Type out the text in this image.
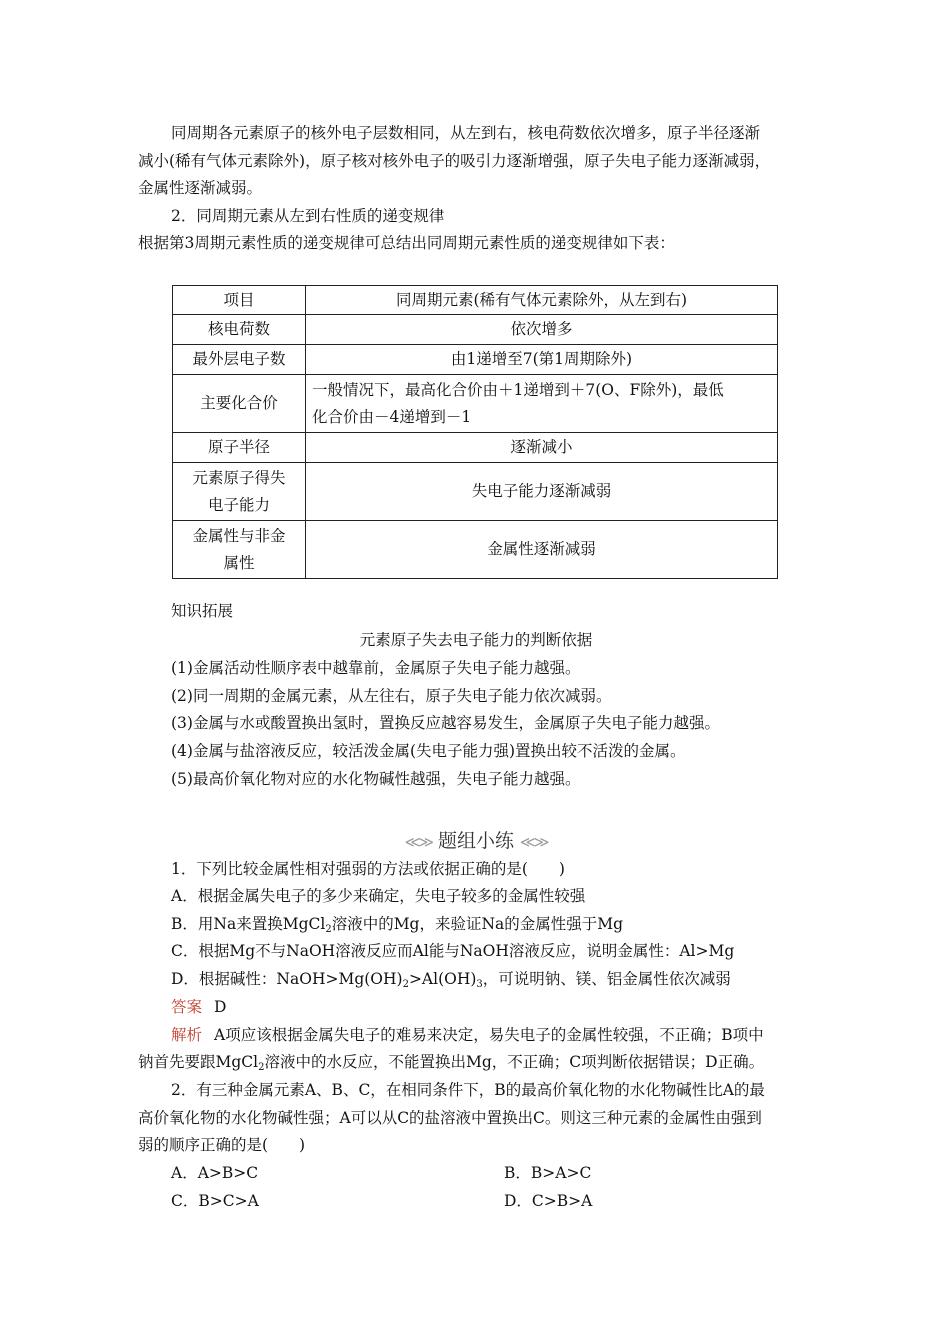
同周期各元素原子的核外电子层数相同，从左到右，核电荷数依次增多，原子半径逐渐
减小(稀有气体元素除外)，原子核对核外电子的吸引力逐渐增强，原子失电子能力逐渐减弱，
金属性逐渐减弱。
2．同周期元素从左到右性质的递变规律
根据第3周期元素性质的递变规律可总结出同周期元素性质的递变规律如下表：
项目	同周期元素(稀有气体元素除外，从左到右)
核电荷数	依次增多
最外层电子数	由1递增至7(第1周期除外)
主要化合价	一般情况下，最高化合价由＋1递增到＋7(O、F除外)，最低
化合价由－4递增到－1

原子半径	逐渐减小

元素原子得失
电子能力	失电子能力逐渐减弱

金属性与非金
属性	金属性逐渐减弱
知识拓展
元素原子失去电子能力的判断依据
(1)金属活动性顺序表中越靠前，金属原子失电子能力越强。
(2)同一周期的金属元素，从左往右，原子失电子能力依次减弱。
(3)金属与水或酸置换出氢时，置换反应越容易发生，金属原子失电子能力越强。
(4)金属与盐溶液反应，较活泼金属(失电子能力强)置换出较不活泼的金属。
(5)最高价氧化物对应的水化物碱性越强，失电子能力越强。
≪≫ 题组小练 ≪≫
1．下列比较金属性相对强弱的方法或依据正确的是(　　)
A．根据金属失电子的多少来确定，失电子较多的金属性较强
B．用Na来置换MgCl$_2$溶液中的Mg，来验证Na的金属性强于Mg
C．根据Mg不与NaOH溶液反应而Al能与NaOH溶液反应，说明金属性：Al>Mg
D．根据碱性：$NaOH>Mg(OH)_2>Al(OH)_3$，可说明钠、镁、铝金属性依次减弱
答案 D
解析 A项应该根据金属失电子的难易来决定，易失电子的金属性较强，不正确；B项中
钠首先要跟MgCl$_2$溶液中的水反应，不能置换出Mg，不正确；C项判断依据错误；D正确。
2．有三种金属元素A、B、C，在相同条件下，B的最高价氧化物的水化物碱性比A的最
高价氧化物的水化物碱性强；A可以从C的盐溶液中置换出C。则这三种元素的金属性由强到
弱的顺序正确的是(　　)
A．A>B>C	B．B>A>C
C．B>C>A	D．C>B>A
